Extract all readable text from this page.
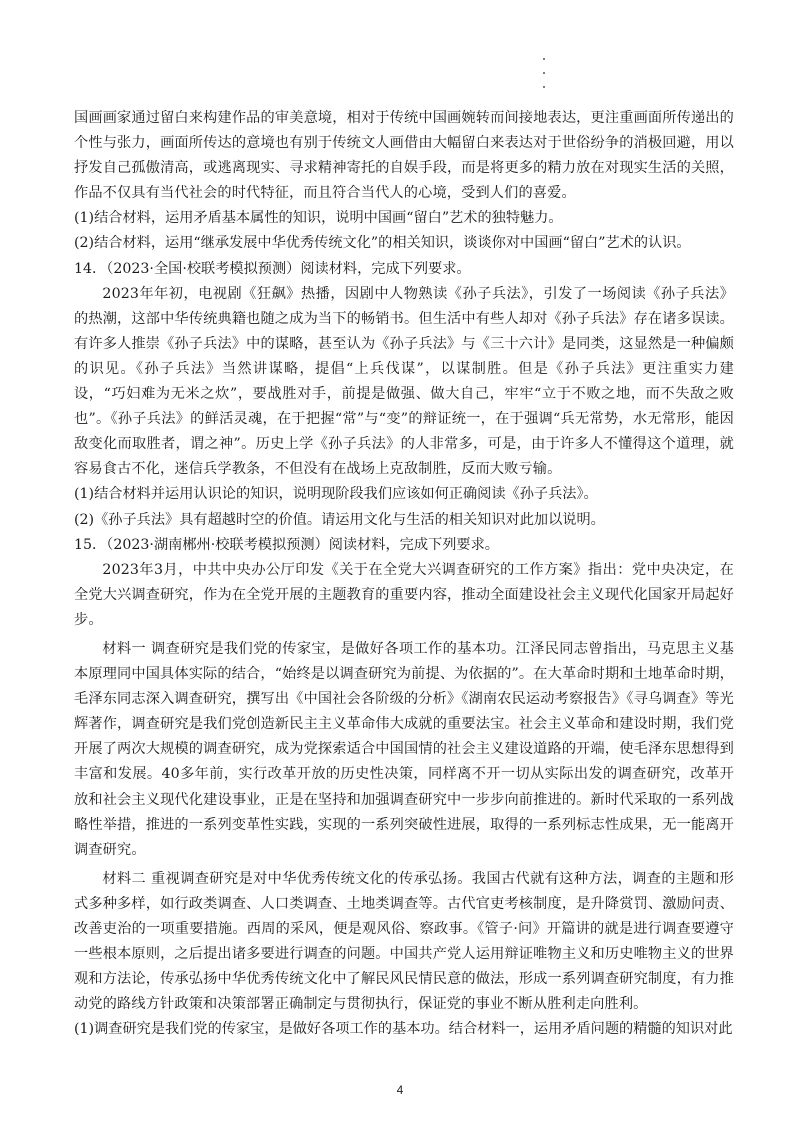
国画画家通过留白来构建作品的审美意境，相对于传统中国画婉转而间接地表达，更注重画面所传递出的个性与张力，画面所传达的意境也有别于传统文人画借由大幅留白来表达对于世俗纷争的消极回避，用以抒发自己孤傲清高，或逃离现实、寻求精神寄托的自娱手段，而是将更多的精力放在对现实生活的关照，作品不仅具有当代社会的时代特征，而且符合当代人的心境，受到人们的喜爱。

(1)结合材料，运用矛盾基本属性的知识，说明中国画“留白”艺术的独特魅力。

(2)结合材料，运用“继承发展中华优秀传统文化”的相关知识，谈谈你对中国画“留白”艺术的认识。

14．（2023·全国·校联考模拟预测）阅读材料，完成下列要求。

2023年年初，电视剧《狂飙》热播，因剧中人物熟读《孙子兵法》，引发了一场阅读《孙子兵法》的热潮，这部中华传统典籍也随之成为当下的畅销书。但生活中有些人却对《孙子兵法》存在诸多误读。有许多人推崇《孙子兵法》中的谋略，甚至认为《孙子兵法》与《三十六计》是同类，这显然是一种偏颇的识见。《孙子兵法》当然讲谋略，提倡“上兵伐谋”，以谋制胜。但是《孙子兵法》更注重实力建设，“巧妇难为无米之炊”，要战胜对手，前提是做强、做大自己，牢牢“立于不败之地，而不失敌之败也”。《孙子兵法》的鲜活灵魂，在于把握“常”与“变”的辩证统一，在于强调“兵无常势，水无常形，能因敌变化而取胜者，谓之神”。历史上学《孙子兵法》的人非常多，可是，由于许多人不懂得这个道理，就容易食古不化，迷信兵学教条，不但没有在战场上克敌制胜，反而大败亏输。

(1)结合材料并运用认识论的知识，说明现阶段我们应该如何正确阅读《孙子兵法》。

(2)《孙子兵法》具有超越时空的价值。请运用文化与生活的相关知识对此加以说明。

15．（2023·湖南郴州·校联考模拟预测）阅读材料，完成下列要求。

2023年3月，中共中央办公厅印发《关于在全党大兴调查研究的工作方案》指出：党中央决定，在全党大兴调查研究，作为在全党开展的主题教育的重要内容，推动全面建设社会主义现代化国家开局起好步。

材料一 调查研究是我们党的传家宝，是做好各项工作的基本功。江泽民同志曾指出，马克思主义基本原理同中国具体实际的结合，“始终是以调查研究为前提、为依据的”。在大革命时期和土地革命时期，毛泽东同志深入调查研究，撰写出《中国社会各阶级的分析》《湖南农民运动考察报告》《寻乌调查》等光辉著作，调查研究是我们党创造新民主主义革命伟大成就的重要法宝。社会主义革命和建设时期，我们党开展了两次大规模的调查研究，成为党探索适合中国国情的社会主义建设道路的开端，使毛泽东思想得到丰富和发展。40多年前，实行改革开放的历史性决策，同样离不开一切从实际出发的调查研究，改革开放和社会主义现代化建设事业，正是在坚持和加强调查研究中一步步向前推进的。新时代采取的一系列战略性举措，推进的一系列变革性实践，实现的一系列突破性进展，取得的一系列标志性成果，无一能离开调查研究。

材料二 重视调查研究是对中华优秀传统文化的传承弘扬。我国古代就有这种方法，调查的主题和形式多种多样，如行政类调查、人口类调查、土地类调查等。古代官吏考核制度，是升降赏罚、激励问责、改善吏治的一项重要措施。西周的采风，便是观风俗、察政事。《管子·问》开篇讲的就是进行调查要遵守一些根本原则，之后提出诸多要进行调查的问题。中国共产党人运用辩证唯物主义和历史唯物主义的世界观和方法论，传承弘扬中华优秀传统文化中了解民风民情民意的做法，形成一系列调查研究制度，有力推动党的路线方针政策和决策部署正确制定与贯彻执行，保证党的事业不断从胜利走向胜利。

(1)调查研究是我们党的传家宝，是做好各项工作的基本功。结合材料一，运用矛盾问题的精髓的知识对此

4
